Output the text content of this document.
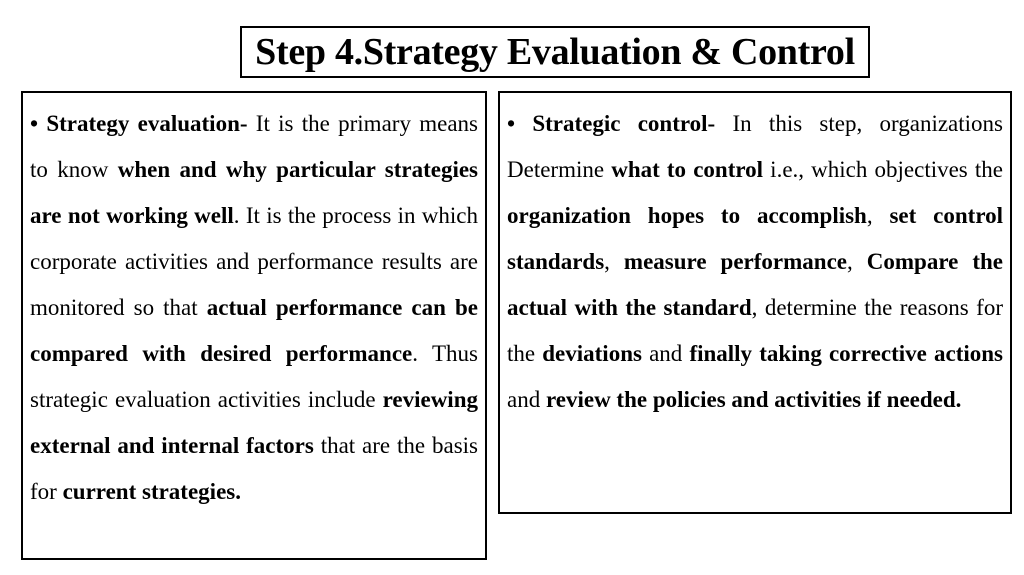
Step 4.Strategy Evaluation & Control

• Strategy evaluation- It is the primary means to know when and why particular strategies are not working well. It is the process in which corporate activities and performance results are monitored so that actual performance can be compared with desired performance. Thus strategic evaluation activities include reviewing external and internal factors that are the basis for current strategies.

• Strategic control- In this step, organizations Determine what to control i.e., which objectives the organization hopes to accomplish, set control standards, measure performance, Compare the actual with the standard, determine the reasons for the deviations and finally taking corrective actions and review the policies and activities if needed.
